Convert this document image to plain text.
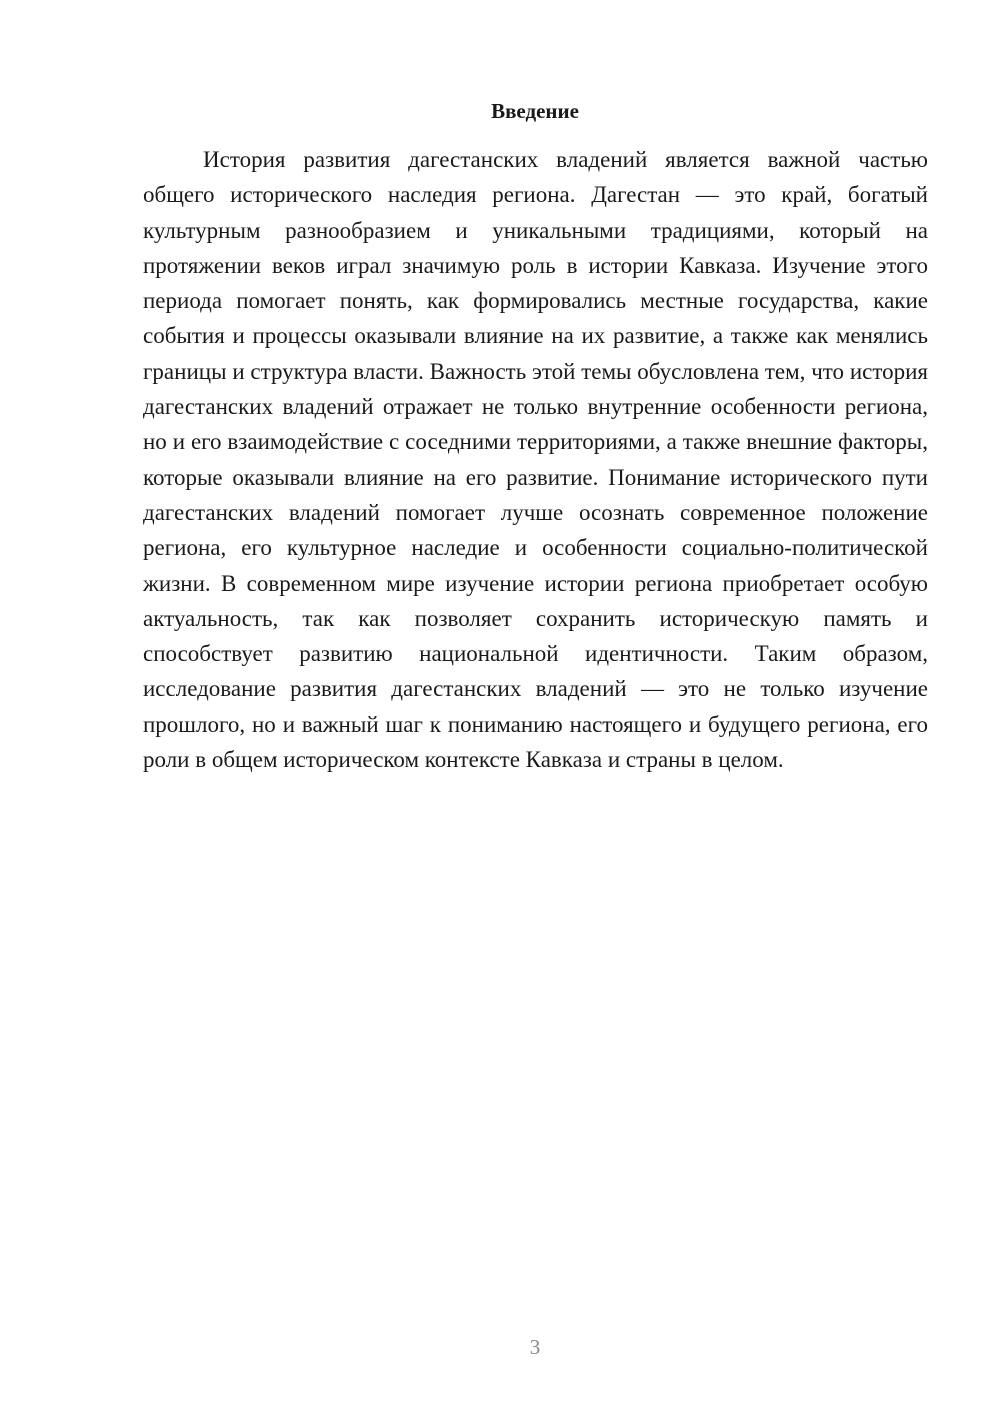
Введение

История развития дагестанских владений является важной частью общего исторического наследия региона. Дагестан — это край, богатый культурным разнообразием и уникальными традициями, который на протяжении веков играл значимую роль в истории Кавказа. Изучение этого периода помогает понять, как формировались местные государства, какие события и процессы оказывали влияние на их развитие, а также как менялись границы и структура власти. Важность этой темы обусловлена тем, что история дагестанских владений отражает не только внутренние особенности региона, но и его взаимодействие с соседними территориями, а также внешние факторы, которые оказывали влияние на его развитие. Понимание исторического пути дагестанских владений помогает лучше осознать современное положение региона, его культурное наследие и особенности социально-политической жизни. В современном мире изучение истории региона приобретает особую актуальность, так как позволяет сохранить историческую память и способствует развитию национальной идентичности. Таким образом, исследование развития дагестанских владений — это не только изучение прошлого, но и важный шаг к пониманию настоящего и будущего региона, его роли в общем историческом контексте Кавказа и страны в целом.

3
